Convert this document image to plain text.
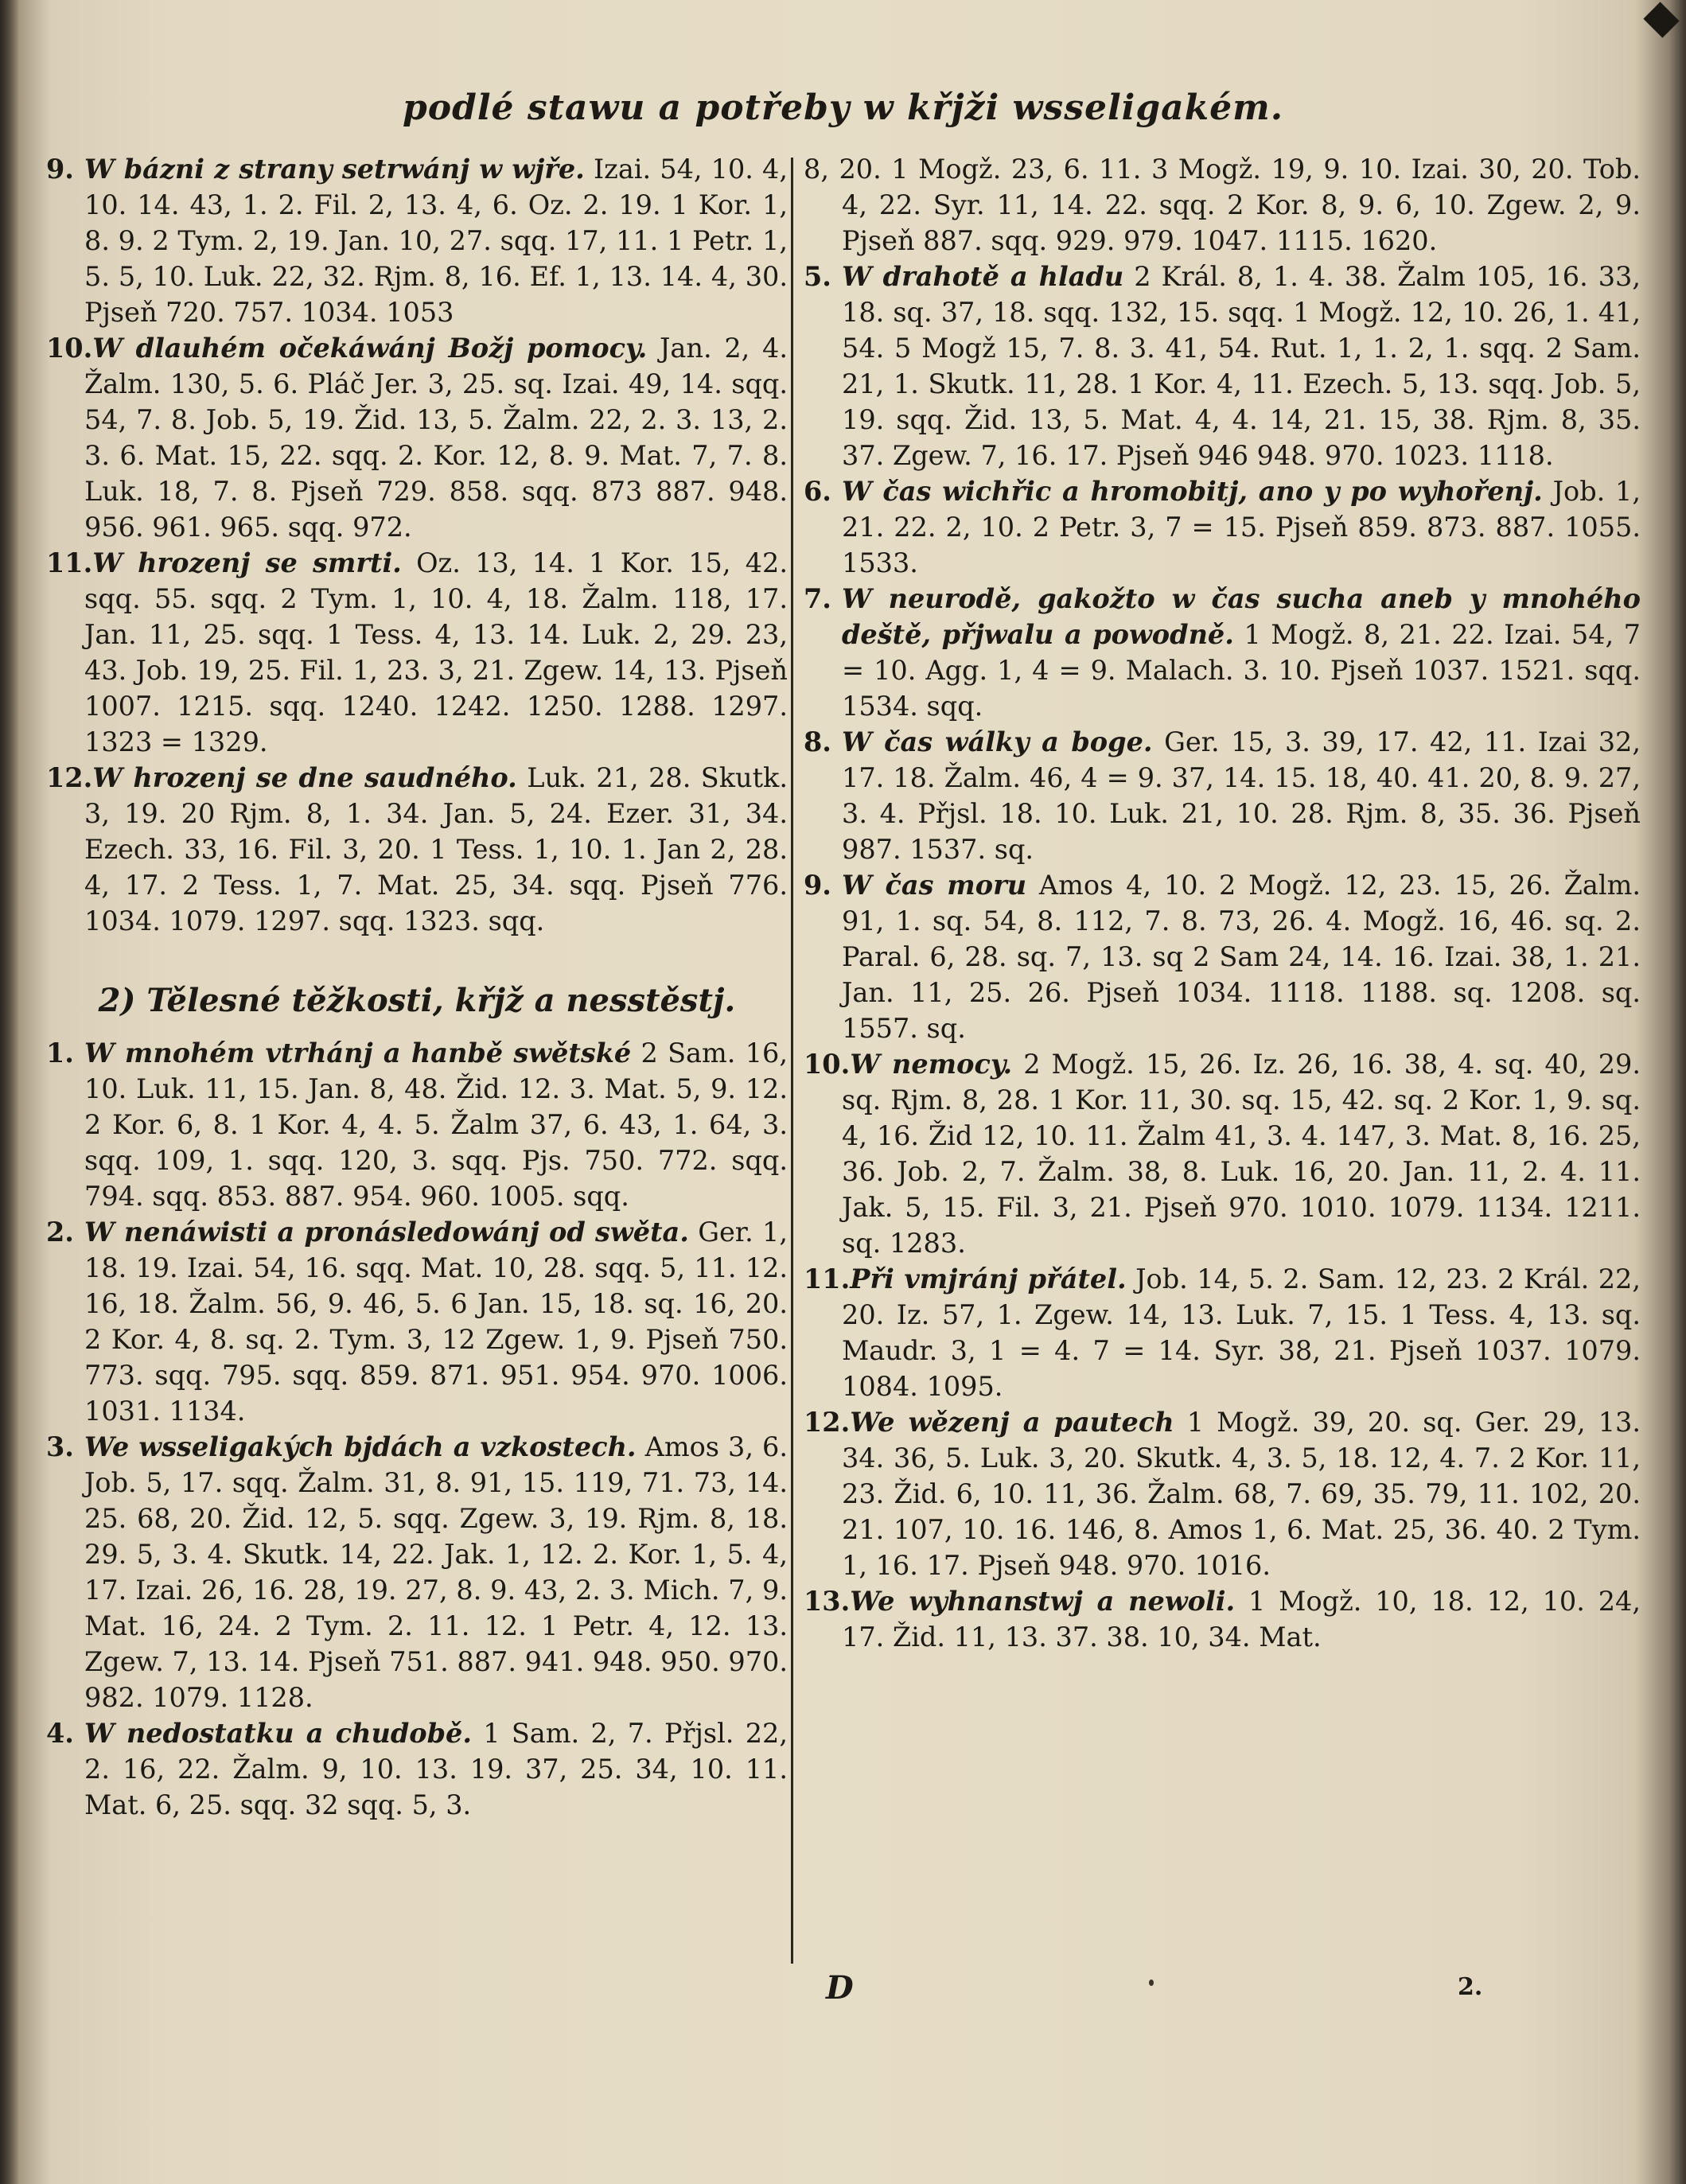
podlé stawu a potřeby w křjži wsseligakém.

9. W bázni z strany setrwánj w wjře. Izai. 54, 10. 4, 10. 14. 43, 1. 2. Fil. 2, 13. 4, 6. Oz. 2. 19. 1 Kor. 1, 8. 9. 2 Tym. 2, 19. Jan. 10, 27. sqq. 17, 11. 1 Petr. 1, 5. 5, 10. Luk. 22, 32. Rjm. 8, 16. Ef. 1, 13. 14. 4, 30. Pjseň 720. 757. 1034. 1053

10.W dlauhém očekáwánj Božj pomocy. Jan. 2, 4. Žalm. 130, 5. 6. Pláč Jer. 3, 25. sq. Izai. 49, 14. sqq. 54, 7. 8. Job. 5, 19. Žid. 13, 5. Žalm. 22, 2. 3. 13, 2. 3. 6. Mat. 15, 22. sqq. 2. Kor. 12, 8. 9. Mat. 7, 7. 8. Luk. 18, 7. 8. Pjseň 729. 858. sqq. 873 887. 948. 956. 961. 965. sqq. 972.

11.W hrozenj se smrti. Oz. 13, 14. 1 Kor. 15, 42. sqq. 55. sqq. 2 Tym. 1, 10. 4, 18. Žalm. 118, 17. Jan. 11, 25. sqq. 1 Tess. 4, 13. 14. Luk. 2, 29. 23, 43. Job. 19, 25. Fil. 1, 23. 3, 21. Zgew. 14, 13. Pjseň 1007. 1215. sqq. 1240. 1242. 1250. 1288. 1297. 1323 = 1329.

12.W hrozenj se dne saudného. Luk. 21, 28. Skutk. 3, 19. 20 Rjm. 8, 1. 34. Jan. 5, 24. Ezer. 31, 34. Ezech. 33, 16. Fil. 3, 20. 1 Tess. 1, 10. 1. Jan 2, 28. 4, 17. 2 Tess. 1, 7. Mat. 25, 34. sqq. Pjseň 776. 1034. 1079. 1297. sqq. 1323. sqq.

2) Tělesné těžkosti, křjž a nesstěstj.

1. W mnohém vtrhánj a hanbě swětské 2 Sam. 16, 10. Luk. 11, 15. Jan. 8, 48. Žid. 12. 3. Mat. 5, 9. 12. 2 Kor. 6, 8. 1 Kor. 4, 4. 5. Žalm 37, 6. 43, 1. 64, 3. sqq. 109, 1. sqq. 120, 3. sqq. Pjs. 750. 772. sqq. 794. sqq. 853. 887. 954. 960. 1005. sqq.

2. W nenáwisti a pronásledowánj od swěta. Ger. 1, 18. 19. Izai. 54, 16. sqq. Mat. 10, 28. sqq. 5, 11. 12. 16, 18. Žalm. 56, 9. 46, 5. 6 Jan. 15, 18. sq. 16, 20. 2 Kor. 4, 8. sq. 2. Tym. 3, 12 Zgew. 1, 9. Pjseň 750. 773. sqq. 795. sqq. 859. 871. 951. 954. 970. 1006. 1031. 1134.

3. We wsseligakých bjdách a vzkostech. Amos 3, 6. Job. 5, 17. sqq. Žalm. 31, 8. 91, 15. 119, 71. 73, 14. 25. 68, 20. Žid. 12, 5. sqq. Zgew. 3, 19. Rjm. 8, 18. 29. 5, 3. 4. Skutk. 14, 22. Jak. 1, 12. 2. Kor. 1, 5. 4, 17. Izai. 26, 16. 28, 19. 27, 8. 9. 43, 2. 3. Mich. 7, 9. Mat. 16, 24. 2 Tym. 2. 11. 12. 1 Petr. 4, 12. 13. Zgew. 7, 13. 14. Pjseň 751. 887. 941. 948. 950. 970. 982. 1079. 1128.

4. W nedostatku a chudobě. 1 Sam. 2, 7. Přjsl. 22, 2. 16, 22. Žalm. 9, 10. 13. 19. 37, 25. 34, 10. 11. Mat. 6, 25. sqq. 32 sqq. 5, 3.

8, 20. 1 Mogž. 23, 6. 11. 3 Mogž. 19, 9. 10. Izai. 30, 20. Tob. 4, 22. Syr. 11, 14. 22. sqq. 2 Kor. 8, 9. 6, 10. Zgew. 2, 9. Pjseň 887. sqq. 929. 979. 1047. 1115. 1620.

5. W drahotě a hladu 2 Král. 8, 1. 4. 38. Žalm 105, 16. 33, 18. sq. 37, 18. sqq. 132, 15. sqq. 1 Mogž. 12, 10. 26, 1. 41, 54. 5 Mogž 15, 7. 8. 3. 41, 54. Rut. 1, 1. 2, 1. sqq. 2 Sam. 21, 1. Skutk. 11, 28. 1 Kor. 4, 11. Ezech. 5, 13. sqq. Job. 5, 19. sqq. Žid. 13, 5. Mat. 4, 4. 14, 21. 15, 38. Rjm. 8, 35. 37. Zgew. 7, 16. 17. Pjseň 946 948. 970. 1023. 1118.

6. W čas wichřic a hromobitj, ano y po wyhořenj. Job. 1, 21. 22. 2, 10. 2 Petr. 3, 7 = 15. Pjseň 859. 873. 887. 1055. 1533.

7. W neurodě, gakožto w čas sucha aneb y mnohého deště, přjwalu a powodně. 1 Mogž. 8, 21. 22. Izai. 54, 7 = 10. Agg. 1, 4 = 9. Malach. 3. 10. Pjseň 1037. 1521. sqq. 1534. sqq.

8. W čas wálky a boge. Ger. 15, 3. 39, 17. 42, 11. Izai 32, 17. 18. Žalm. 46, 4 = 9. 37, 14. 15. 18, 40. 41. 20, 8. 9. 27, 3. 4. Přjsl. 18. 10. Luk. 21, 10. 28. Rjm. 8, 35. 36. Pjseň 987. 1537. sq.

9. W čas moru Amos 4, 10. 2 Mogž. 12, 23. 15, 26. Žalm. 91, 1. sq. 54, 8. 112, 7. 8. 73, 26. 4. Mogž. 16, 46. sq. 2. Paral. 6, 28. sq. 7, 13. sq 2 Sam 24, 14. 16. Izai. 38, 1. 21. Jan. 11, 25. 26. Pjseň 1034. 1118. 1188. sq. 1208. sq. 1557. sq.

10.W nemocy. 2 Mogž. 15, 26. Iz. 26, 16. 38, 4. sq. 40, 29. sq. Rjm. 8, 28. 1 Kor. 11, 30. sq. 15, 42. sq. 2 Kor. 1, 9. sq. 4, 16. Žid 12, 10. 11. Žalm 41, 3. 4. 147, 3. Mat. 8, 16. 25, 36. Job. 2, 7. Žalm. 38, 8. Luk. 16, 20. Jan. 11, 2. 4. 11. Jak. 5, 15. Fil. 3, 21. Pjseň 970. 1010. 1079. 1134. 1211. sq. 1283.

11.Při vmjránj přátel. Job. 14, 5. 2. Sam. 12, 23. 2 Král. 22, 20. Iz. 57, 1. Zgew. 14, 13. Luk. 7, 15. 1 Tess. 4, 13. sq. Maudr. 3, 1 = 4. 7 = 14. Syr. 38, 21. Pjseň 1037. 1079. 1084. 1095.

12.We wězenj a pautech 1 Mogž. 39, 20. sq. Ger. 29, 13. 34. 36, 5. Luk. 3, 20. Skutk. 4, 3. 5, 18. 12, 4. 7. 2 Kor. 11, 23. Žid. 6, 10. 11, 36. Žalm. 68, 7. 69, 35. 79, 11. 102, 20. 21. 107, 10. 16. 146, 8. Amos 1, 6. Mat. 25, 36. 40. 2 Tym. 1, 16. 17. Pjseň 948. 970. 1016.

13.We wyhnanstwj a newoli. 1 Mogž. 10, 18. 12, 10. 24, 17. Žid. 11, 13. 37. 38. 10, 34. Mat.

D	2.
